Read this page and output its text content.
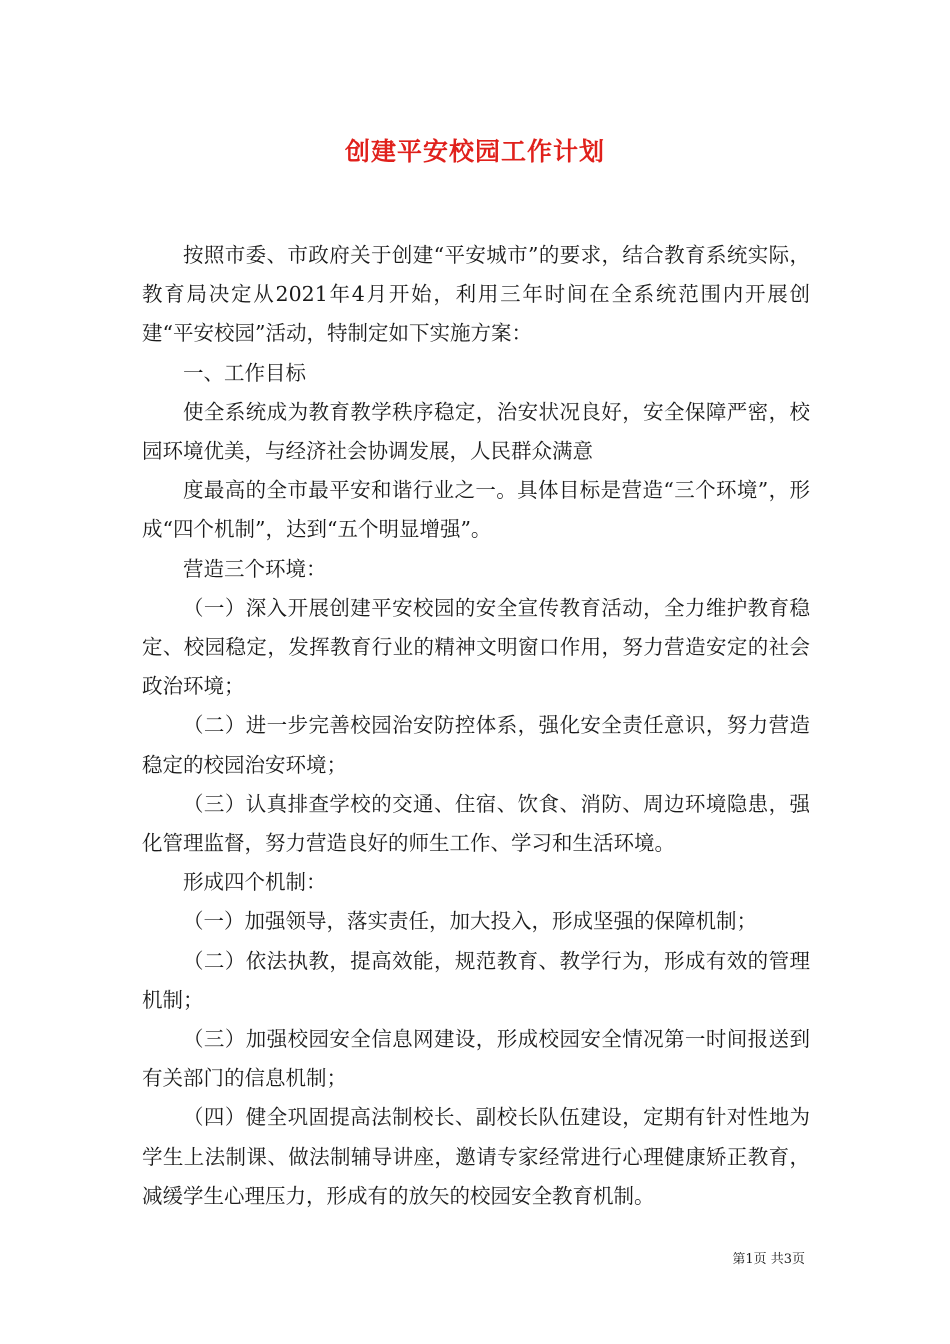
创建平安校园工作计划

按照市委、市政府关于创建“平安城市”的要求，结合教育系统实际，教育局决定从2021年4月开始，利用三年时间在全系统范围内开展创建“平安校园”活动，特制定如下实施方案：

一、工作目标

使全系统成为教育教学秩序稳定，治安状况良好，安全保障严密，校园环境优美，与经济社会协调发展，人民群众满意

度最高的全市最平安和谐行业之一。具体目标是营造“三个环境”，形成“四个机制”，达到“五个明显增强”。

营造三个环境：

（一）深入开展创建平安校园的安全宣传教育活动，全力维护教育稳定、校园稳定，发挥教育行业的精神文明窗口作用，努力营造安定的社会政治环境；

（二）进一步完善校园治安防控体系，强化安全责任意识，努力营造稳定的校园治安环境；

（三）认真排查学校的交通、住宿、饮食、消防、周边环境隐患，强化管理监督，努力营造良好的师生工作、学习和生活环境。

形成四个机制：

（一）加强领导，落实责任，加大投入，形成坚强的保障机制；

（二）依法执教，提高效能，规范教育、教学行为，形成有效的管理机制；

（三）加强校园安全信息网建设，形成校园安全情况第一时间报送到有关部门的信息机制；

（四）健全巩固提高法制校长、副校长队伍建设，定期有针对性地为学生上法制课、做法制辅导讲座，邀请专家经常进行心理健康矫正教育，减缓学生心理压力，形成有的放矢的校园安全教育机制。

第1页 共3页
